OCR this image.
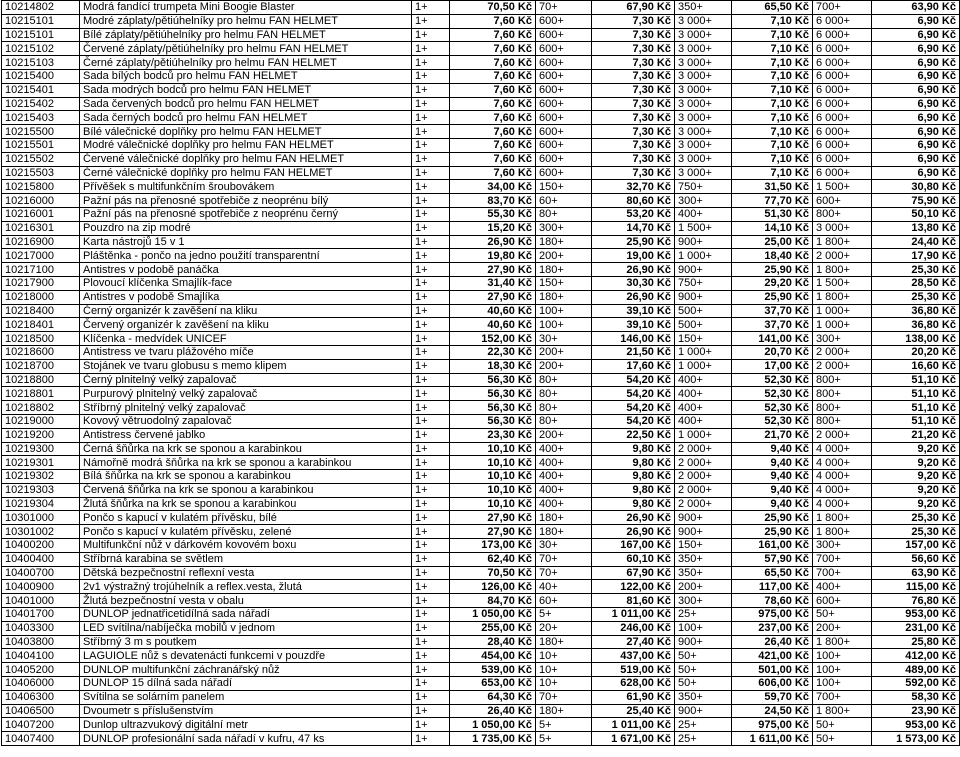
10214802	Modrá fandící trumpeta Mini Boogie Blaster	1+	70,50 Kč	70+	67,90 Kč	350+	65,50 Kč	700+	63,90 Kč
10215101	Modré záplaty/pětiúhelníky pro helmu FAN HELMET	1+	7,60 Kč	600+	7,30 Kč	3 000+	7,10 Kč	6 000+	6,90 Kč
10215101	Bílé záplaty/pětiúhelníky pro helmu FAN HELMET	1+	7,60 Kč	600+	7,30 Kč	3 000+	7,10 Kč	6 000+	6,90 Kč
10215102	Červené záplaty/pětiúhelníky pro helmu FAN HELMET	1+	7,60 Kč	600+	7,30 Kč	3 000+	7,10 Kč	6 000+	6,90 Kč
10215103	Černé záplaty/pětiúhelníky pro helmu FAN HELMET	1+	7,60 Kč	600+	7,30 Kč	3 000+	7,10 Kč	6 000+	6,90 Kč
10215400	Sada bílých bodců pro helmu FAN HELMET	1+	7,60 Kč	600+	7,30 Kč	3 000+	7,10 Kč	6 000+	6,90 Kč
10215401	Sada modrých bodců pro helmu FAN HELMET	1+	7,60 Kč	600+	7,30 Kč	3 000+	7,10 Kč	6 000+	6,90 Kč
10215402	Sada červených bodců pro helmu FAN HELMET	1+	7,60 Kč	600+	7,30 Kč	3 000+	7,10 Kč	6 000+	6,90 Kč
10215403	Sada černých bodců pro helmu FAN HELMET	1+	7,60 Kč	600+	7,30 Kč	3 000+	7,10 Kč	6 000+	6,90 Kč
10215500	Bílé válečnické doplňky pro helmu FAN HELMET	1+	7,60 Kč	600+	7,30 Kč	3 000+	7,10 Kč	6 000+	6,90 Kč
10215501	Modré válečnické doplňky pro helmu FAN HELMET	1+	7,60 Kč	600+	7,30 Kč	3 000+	7,10 Kč	6 000+	6,90 Kč
10215502	Červené válečnické doplňky pro helmu FAN HELMET	1+	7,60 Kč	600+	7,30 Kč	3 000+	7,10 Kč	6 000+	6,90 Kč
10215503	Černé válečnické doplňky pro helmu FAN HELMET	1+	7,60 Kč	600+	7,30 Kč	3 000+	7,10 Kč	6 000+	6,90 Kč
10215800	Přívěšek s multifunkčním šroubovákem	1+	34,00 Kč	150+	32,70 Kč	750+	31,50 Kč	1 500+	30,80 Kč
10216000	Pažní pás na přenosné spotřebiče z neoprénu bílý	1+	83,70 Kč	60+	80,60 Kč	300+	77,70 Kč	600+	75,90 Kč
10216001	Pažní pás na přenosné spotřebiče z neoprénu černý	1+	55,30 Kč	80+	53,20 Kč	400+	51,30 Kč	800+	50,10 Kč
10216301	Pouzdro na zip modré	1+	15,20 Kč	300+	14,70 Kč	1 500+	14,10 Kč	3 000+	13,80 Kč
10216900	Karta nástrojů 15 v 1	1+	26,90 Kč	180+	25,90 Kč	900+	25,00 Kč	1 800+	24,40 Kč
10217000	Pláštěnka - pončo na jedno použití transparentní	1+	19,80 Kč	200+	19,00 Kč	1 000+	18,40 Kč	2 000+	17,90 Kč
10217100	Antistres v podobě panáčka	1+	27,90 Kč	180+	26,90 Kč	900+	25,90 Kč	1 800+	25,30 Kč
10217900	Plovoucí klíčenka Smajlík-face	1+	31,40 Kč	150+	30,30 Kč	750+	29,20 Kč	1 500+	28,50 Kč
10218000	Antistres v podobě Smajlíka	1+	27,90 Kč	180+	26,90 Kč	900+	25,90 Kč	1 800+	25,30 Kč
10218400	Černý organizér k zavěšení na kliku	1+	40,60 Kč	100+	39,10 Kč	500+	37,70 Kč	1 000+	36,80 Kč
10218401	Červený organizér k zavěšení na kliku	1+	40,60 Kč	100+	39,10 Kč	500+	37,70 Kč	1 000+	36,80 Kč
10218500	Klíčenka - medvídek UNICEF	1+	152,00 Kč	30+	146,00 Kč	150+	141,00 Kč	300+	138,00 Kč
10218600	Antistress ve tvaru plážového míče	1+	22,30 Kč	200+	21,50 Kč	1 000+	20,70 Kč	2 000+	20,20 Kč
10218700	Stojánek ve tvaru globusu s memo klipem	1+	18,30 Kč	200+	17,60 Kč	1 000+	17,00 Kč	2 000+	16,60 Kč
10218800	Černý plnitelný velký zapalovač	1+	56,30 Kč	80+	54,20 Kč	400+	52,30 Kč	800+	51,10 Kč
10218801	Purpurový plnitelný velký zapalovač	1+	56,30 Kč	80+	54,20 Kč	400+	52,30 Kč	800+	51,10 Kč
10218802	Stříbrný plnitelný velký zapalovač	1+	56,30 Kč	80+	54,20 Kč	400+	52,30 Kč	800+	51,10 Kč
10219000	Kovový větruodolný zapalovač	1+	56,30 Kč	80+	54,20 Kč	400+	52,30 Kč	800+	51,10 Kč
10219200	Antistress červené jablko	1+	23,30 Kč	200+	22,50 Kč	1 000+	21,70 Kč	2 000+	21,20 Kč
10219300	Černá šňůrka na krk se sponou a karabinkou	1+	10,10 Kč	400+	9,80 Kč	2 000+	9,40 Kč	4 000+	9,20 Kč
10219301	Námořně modrá šňůrka na krk se sponou a karabinkou	1+	10,10 Kč	400+	9,80 Kč	2 000+	9,40 Kč	4 000+	9,20 Kč
10219302	Bílá šňůrka na krk se sponou a karabinkou	1+	10,10 Kč	400+	9,80 Kč	2 000+	9,40 Kč	4 000+	9,20 Kč
10219303	Červená šňůrka na krk se sponou a karabinkou	1+	10,10 Kč	400+	9,80 Kč	2 000+	9,40 Kč	4 000+	9,20 Kč
10219304	Žlutá šňůrka na krk se sponou a karabinkou	1+	10,10 Kč	400+	9,80 Kč	2 000+	9,40 Kč	4 000+	9,20 Kč
10301000	Pončo s kapucí v kulatém přívěsku, bílé	1+	27,90 Kč	180+	26,90 Kč	900+	25,90 Kč	1 800+	25,30 Kč
10301002	Pončo s kapucí v kulatém přívěsku, zelené	1+	27,90 Kč	180+	26,90 Kč	900+	25,90 Kč	1 800+	25,30 Kč
10400200	Multifunkční nůž v dárkovém kovovém boxu	1+	173,00 Kč	30+	167,00 Kč	150+	161,00 Kč	300+	157,00 Kč
10400400	Stříbrná karabina se světlem	1+	62,40 Kč	70+	60,10 Kč	350+	57,90 Kč	700+	56,60 Kč
10400700	Dětská bezpečnostní reflexní vesta	1+	70,50 Kč	70+	67,90 Kč	350+	65,50 Kč	700+	63,90 Kč
10400900	2v1 výstražný trojúhelník a reflex.vesta, žlutá	1+	126,00 Kč	40+	122,00 Kč	200+	117,00 Kč	400+	115,00 Kč
10401000	Žlutá bezpečnostní vesta v obalu	1+	84,70 Kč	60+	81,60 Kč	300+	78,60 Kč	600+	76,80 Kč
10401700	DUNLOP jednatřicetidílná sada nářadí	1+	1 050,00 Kč	5+	1 011,00 Kč	25+	975,00 Kč	50+	953,00 Kč
10403300	LED svítilna/nabíječka mobilů v jednom	1+	255,00 Kč	20+	246,00 Kč	100+	237,00 Kč	200+	231,00 Kč
10403800	Stříbrný 3 m s poutkem	1+	28,40 Kč	180+	27,40 Kč	900+	26,40 Kč	1 800+	25,80 Kč
10404100	LAGUIOLE nůž s devatenácti funkcemi v pouzdře	1+	454,00 Kč	10+	437,00 Kč	50+	421,00 Kč	100+	412,00 Kč
10405200	DUNLOP multifunkční záchranářský nůž	1+	539,00 Kč	10+	519,00 Kč	50+	501,00 Kč	100+	489,00 Kč
10406000	DUNLOP 15 dílná sada nářadí	1+	653,00 Kč	10+	628,00 Kč	50+	606,00 Kč	100+	592,00 Kč
10406300	Svítilna se solárním panelem	1+	64,30 Kč	70+	61,90 Kč	350+	59,70 Kč	700+	58,30 Kč
10406500	Dvoumetr s příslušenstvím	1+	26,40 Kč	180+	25,40 Kč	900+	24,50 Kč	1 800+	23,90 Kč
10407200	Dunlop ultrazvukový digitální metr	1+	1 050,00 Kč	5+	1 011,00 Kč	25+	975,00 Kč	50+	953,00 Kč
10407400	DUNLOP profesionální sada nářadí v kufru, 47 ks	1+	1 735,00 Kč	5+	1 671,00 Kč	25+	1 611,00 Kč	50+	1 573,00 Kč
